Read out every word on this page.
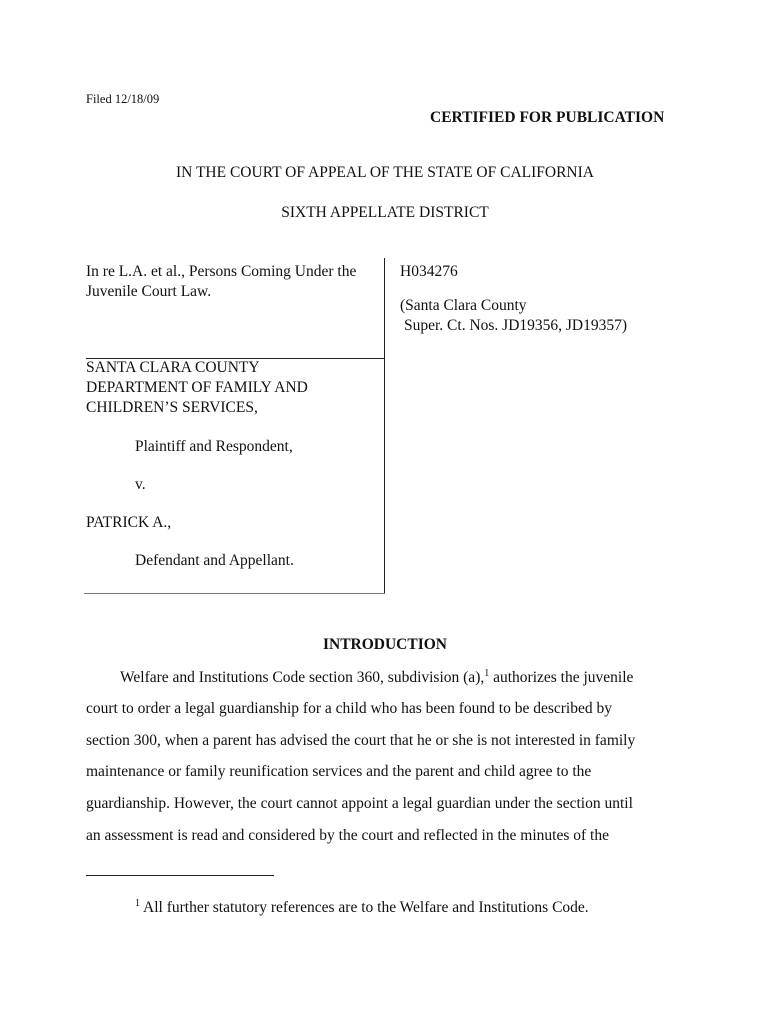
Filed 12/18/09
CERTIFIED FOR PUBLICATION
IN THE COURT OF APPEAL OF THE STATE OF CALIFORNIA
SIXTH APPELLATE DISTRICT
In re L.A. et al., Persons Coming Under the
Juvenile Court Law.
SANTA CLARA COUNTY
DEPARTMENT OF FAMILY AND
CHILDREN’S SERVICES,
Plaintiff and Respondent,
v.
PATRICK A.,
Defendant and Appellant.
H034276
(Santa Clara County
Super. Ct. Nos. JD19356, JD19357)
INTRODUCTION
Welfare and Institutions Code section 360, subdivision (a),$^1$ authorizes the juvenile
court to order a legal guardianship for a child who has been found to be described by
section 300, when a parent has advised the court that he or she is not interested in family
maintenance or family reunification services and the parent and child agree to the
guardianship. However, the court cannot appoint a legal guardian under the section until
an assessment is read and considered by the court and reflected in the minutes of the
$^1$ All further statutory references are to the Welfare and Institutions Code.
